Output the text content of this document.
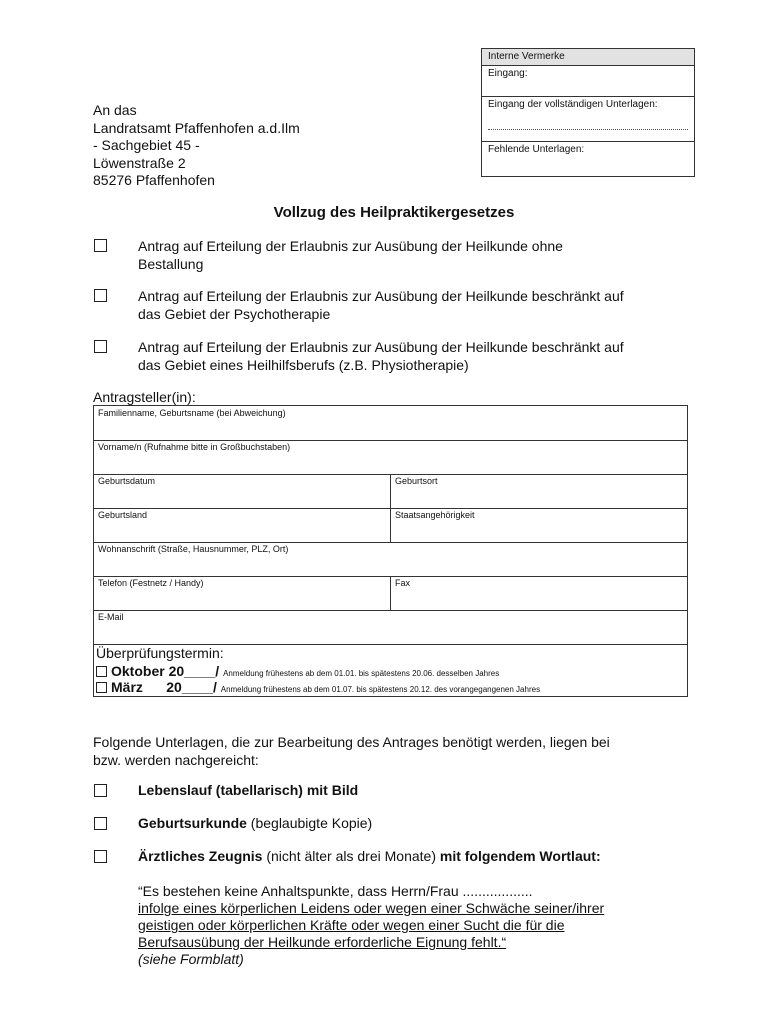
Interne Vermerke
Eingang:
Eingang der vollständigen Unterlagen:
Fehlende Unterlagen:
An das
Landratsamt Pfaffenhofen a.d.Ilm
- Sachgebiet 45 -
Löwenstraße 2
85276 Pfaffenhofen
Vollzug des Heilpraktikergesetzes
Antrag auf Erteilung der Erlaubnis zur Ausübung der Heilkunde ohne
Bestallung
Antrag auf Erteilung der Erlaubnis zur Ausübung der Heilkunde beschränkt auf
das Gebiet der Psychotherapie
Antrag auf Erteilung der Erlaubnis zur Ausübung der Heilkunde beschränkt auf
das Gebiet eines Heilhilfsberufs (z.B. Physiotherapie)
Antragsteller(in):
Familienname, Geburtsname (bei Abweichung)
Vorname/n (Rufnahme bitte in Großbuchstaben)
Geburtsdatum	Geburtsort
Geburtsland	Staatsangehörigkeit
Wohnanschrift (Straße, Hausnummer, PLZ, Ort)
Telefon (Festnetz / Handy)	Fax
E-Mail
Überprüfungstermin:
Oktober 20____/ Anmeldung frühestens ab dem 01.01. bis spätestens 20.06. desselben Jahres
März      20____/ Anmeldung frühestens ab dem 01.07. bis spätestens 20.12. des vorangegangenen Jahres
Folgende Unterlagen, die zur Bearbeitung des Antrages benötigt werden, liegen bei
bzw. werden nachgereicht:
Lebenslauf (tabellarisch) mit Bild
Geburtsurkunde (beglaubigte Kopie)
Ärztliches Zeugnis (nicht älter als drei Monate) mit folgendem Wortlaut:
“Es bestehen keine Anhaltspunkte, dass Herrn/Frau ..................
infolge eines körperlichen Leidens oder wegen einer Schwäche seiner/ihrer
geistigen oder körperlichen Kräfte oder wegen einer Sucht die für die
Berufsausübung der Heilkunde erforderliche Eignung fehlt.“
(siehe Formblatt)
